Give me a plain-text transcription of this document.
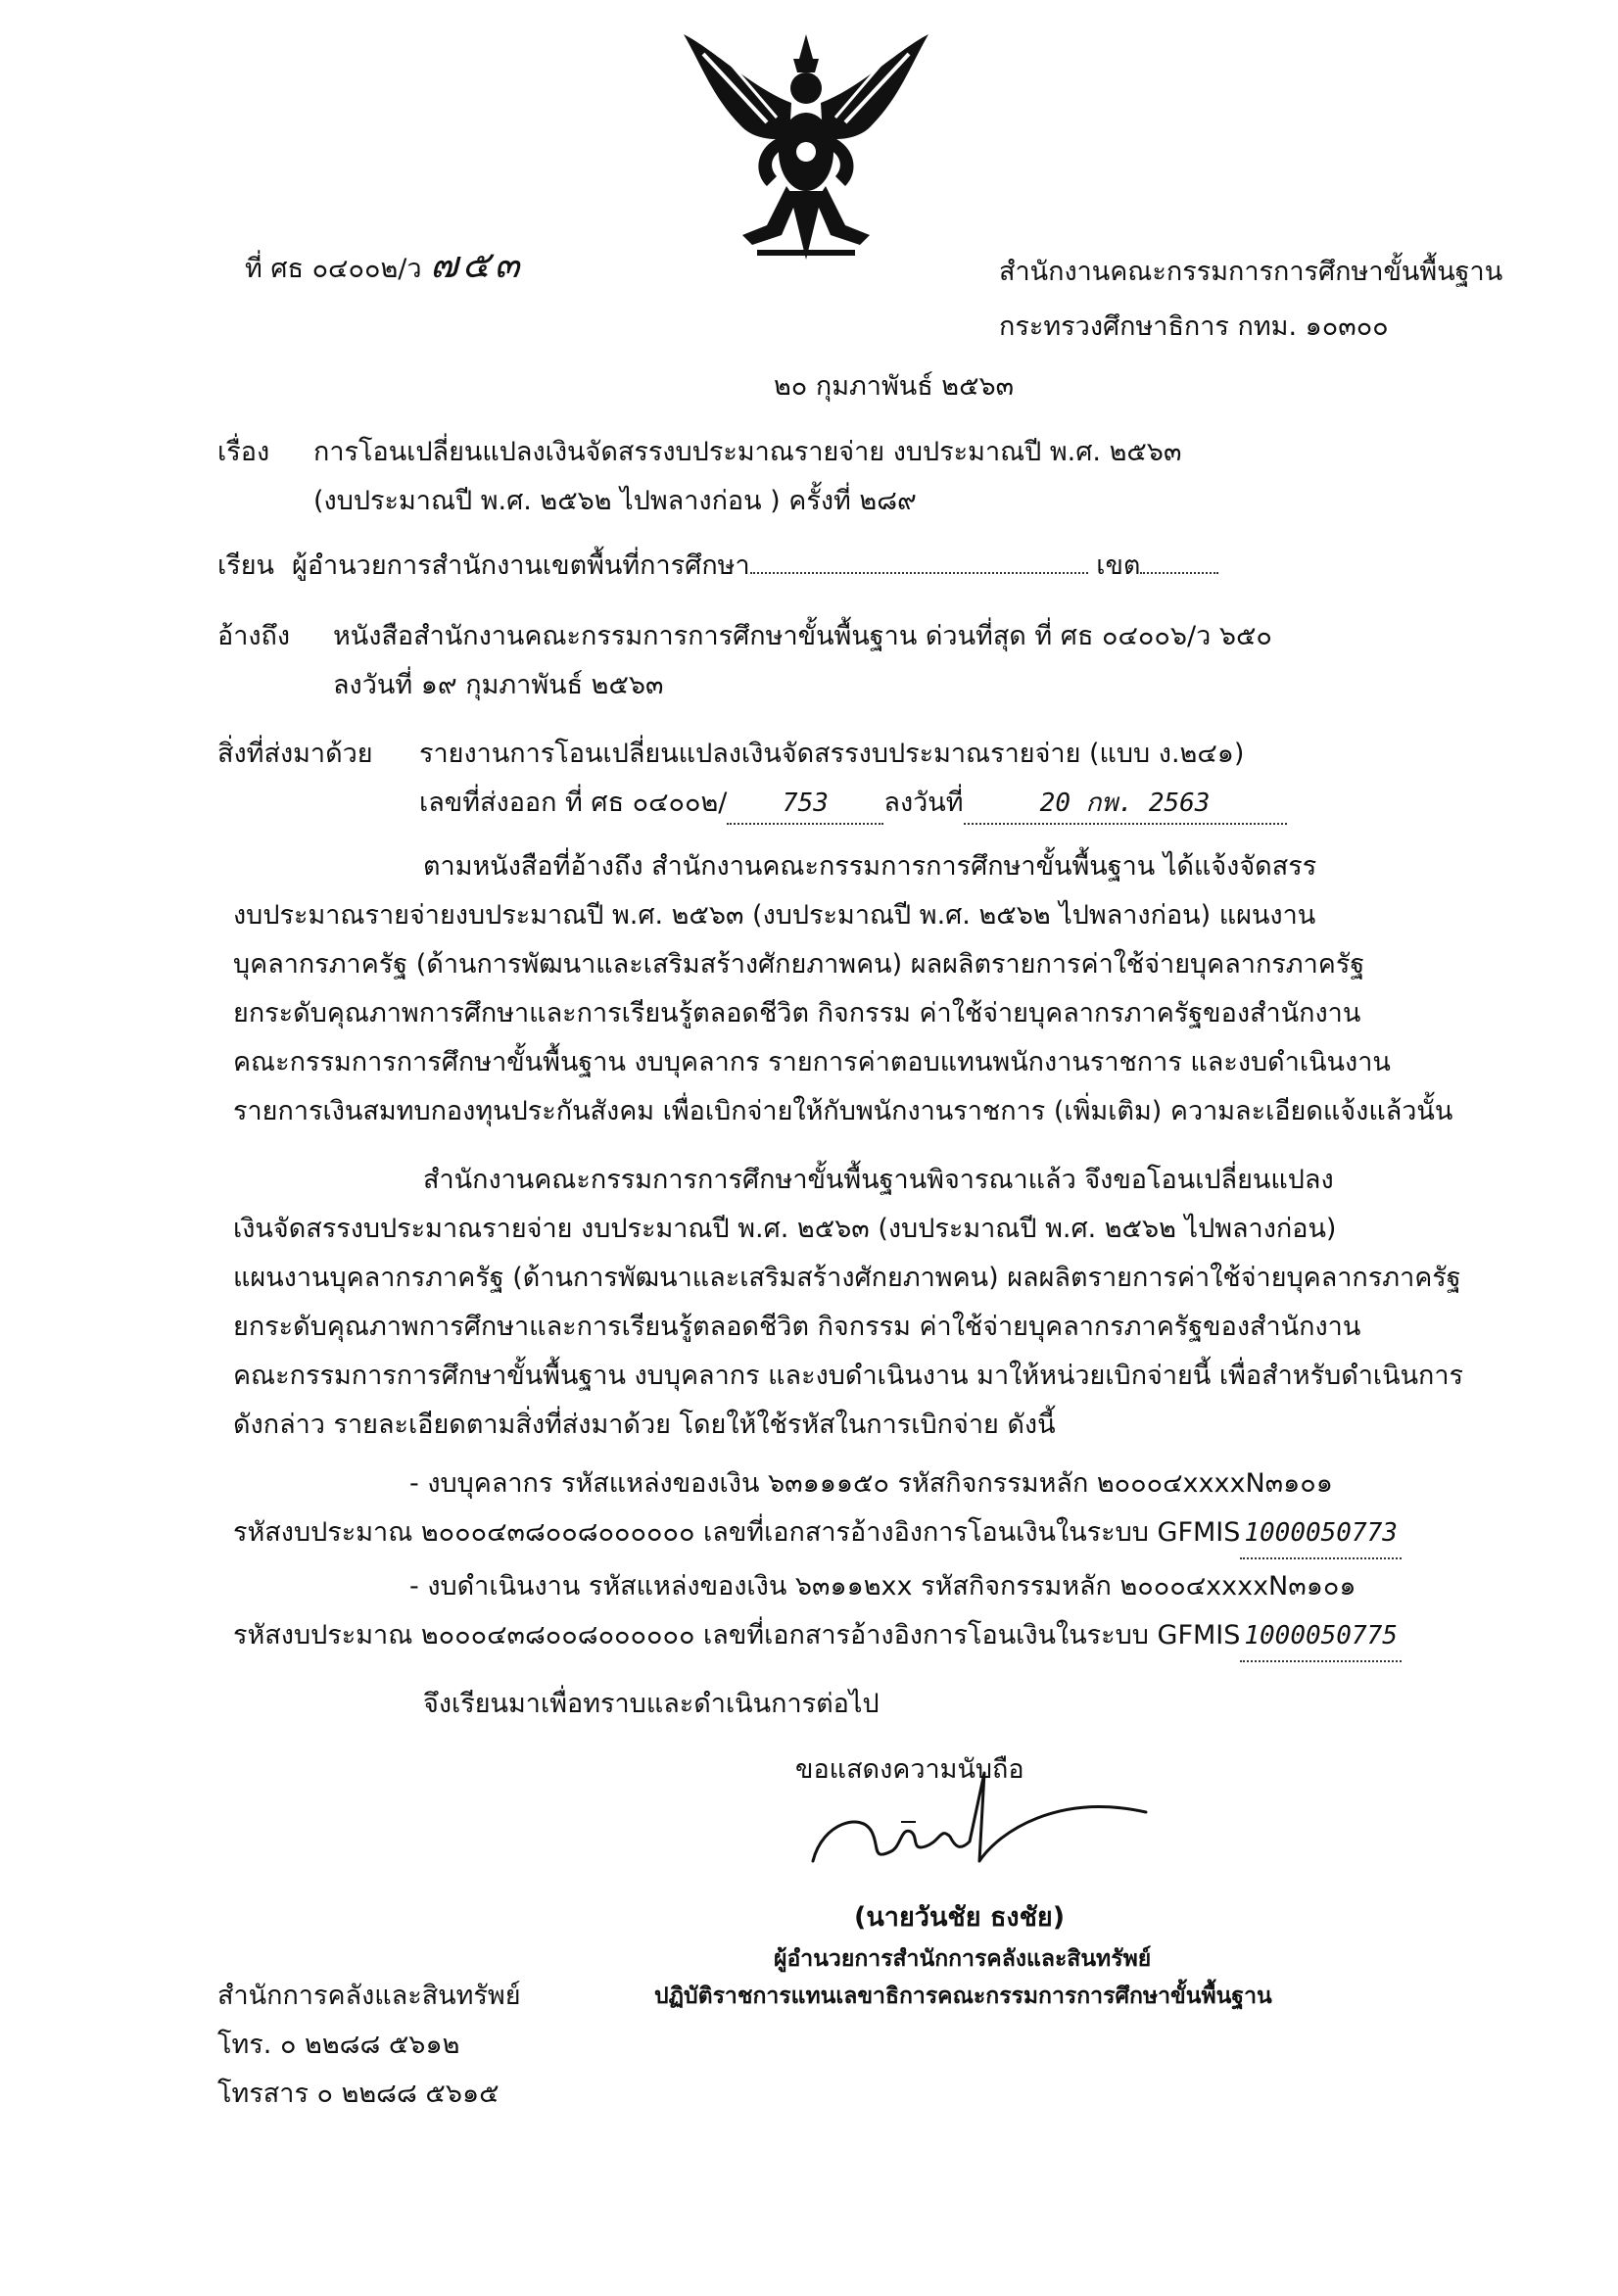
ที่ ศธ ๐๔๐๐๒/ว ๗๕๓	สำนักงานคณะกรรมการการศึกษาขั้นพื้นฐาน
กระทรวงศึกษาธิการ กทม. ๑๐๓๐๐
๒๐ กุมภาพันธ์ ๒๕๖๓
เรื่อง การโอนเปลี่ยนแปลงเงินจัดสรรงบประมาณรายจ่าย งบประมาณปี พ.ศ. ๒๕๖๓
(งบประมาณปี พ.ศ. ๒๕๖๒ ไปพลางก่อน ) ครั้งที่ ๒๘๙
เรียน ผู้อำนวยการสำนักงานเขตพื้นที่การศึกษา	เขต
อ้างถึง หนังสือสำนักงานคณะกรรมการการศึกษาขั้นพื้นฐาน ด่วนที่สุด ที่ ศธ ๐๔๐๐๖/ว ๖๕๐
ลงวันที่ ๑๙ กุมภาพันธ์ ๒๕๖๓
สิ่งที่ส่งมาด้วย รายงานการโอนเปลี่ยนแปลงเงินจัดสรรงบประมาณรายจ่าย (แบบ ง.๒๔๑)
เลขที่ส่งออก ที่ ศธ ๐๔๐๐๒/ 753 ลงวันที่	20 กพ. 2563

ตามหนังสือที่อ้างถึง สำนักงานคณะกรรมการการศึกษาขั้นพื้นฐาน ได้แจ้งจัดสรร

งบประมาณรายจ่ายงบประมาณปี พ.ศ. ๒๕๖๓ (งบประมาณปี พ.ศ. ๒๕๖๒ ไปพลางก่อน) แผนงาน

บุคลากรภาครัฐ (ด้านการพัฒนาและเสริมสร้างศักยภาพคน) ผลผลิตรายการค่าใช้จ่ายบุคลากรภาครัฐ

ยกระดับคุณภาพการศึกษาและการเรียนรู้ตลอดชีวิต กิจกรรม ค่าใช้จ่ายบุคลากรภาครัฐของสำนักงาน

คณะกรรมการการศึกษาขั้นพื้นฐาน งบบุคลากร รายการค่าตอบแทนพนักงานราชการ และงบดำเนินงาน

รายการเงินสมทบกองทุนประกันสังคม เพื่อเบิกจ่ายให้กับพนักงานราชการ (เพิ่มเติม) ความละเอียดแจ้งแล้วนั้น

สำนักงานคณะกรรมการการศึกษาขั้นพื้นฐานพิจารณาแล้ว จึงขอโอนเปลี่ยนแปลง

เงินจัดสรรงบประมาณรายจ่าย งบประมาณปี พ.ศ. ๒๕๖๓ (งบประมาณปี พ.ศ. ๒๕๖๒ ไปพลางก่อน)

แผนงานบุคลากรภาครัฐ (ด้านการพัฒนาและเสริมสร้างศักยภาพคน) ผลผลิตรายการค่าใช้จ่ายบุคลากรภาครัฐ

ยกระดับคุณภาพการศึกษาและการเรียนรู้ตลอดชีวิต กิจกรรม ค่าใช้จ่ายบุคลากรภาครัฐของสำนักงาน

คณะกรรมการการศึกษาขั้นพื้นฐาน งบบุคลากร และงบดำเนินงาน มาให้หน่วยเบิกจ่ายนี้ เพื่อสำหรับดำเนินการ

ดังกล่าว รายละเอียดตามสิ่งที่ส่งมาด้วย โดยให้ใช้รหัสในการเบิกจ่าย ดังนี้

- งบบุคลากร รหัสแหล่งของเงิน ๖๓๑๑๑๕๐ รหัสกิจกรรมหลัก ๒๐๐๐๔xxxxN๓๑๐๑
รหัสงบประมาณ ๒๐๐๐๔๓๘๐๐๘๐๐๐๐๐๐ เลขที่เอกสารอ้างอิงการโอนเงินในระบบ GFMIS 1000050773
- งบดำเนินงาน รหัสแหล่งของเงิน ๖๓๑๑๒xx รหัสกิจกรรมหลัก ๒๐๐๐๔xxxxN๓๑๐๑
รหัสงบประมาณ ๒๐๐๐๔๓๘๐๐๘๐๐๐๐๐๐ เลขที่เอกสารอ้างอิงการโอนเงินในระบบ GFMIS 1000050775
จึงเรียนมาเพื่อทราบและดำเนินการต่อไป
ขอแสดงความนับถือ
(นายวันชัย ธงชัย)
ผู้อำนวยการสำนักการคลังและสินทรัพย์
ปฏิบัติราชการแทนเลขาธิการคณะกรรมการการศึกษาขั้นพื้นฐาน
สำนักการคลังและสินทรัพย์
โทร. ๐ ๒๒๘๘ ๕๖๑๒
โทรสาร ๐ ๒๒๘๘ ๕๖๑๕
